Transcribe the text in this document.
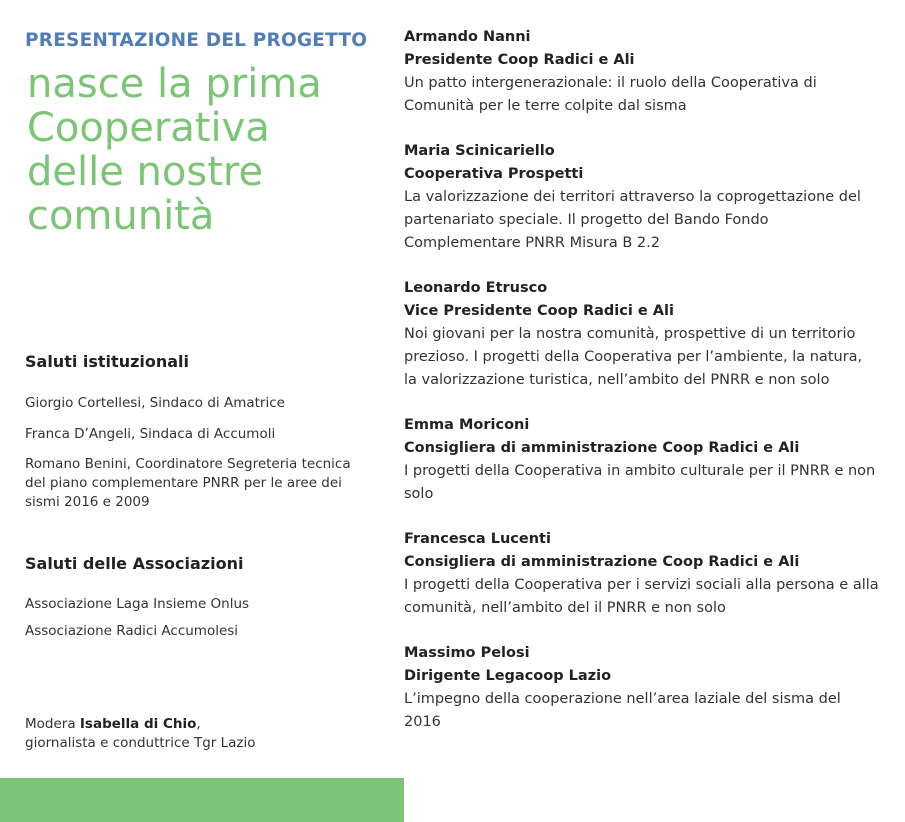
PRESENTAZIONE DEL PROGETTO
nasce la prima
Cooperativa
delle nostre
comunità
Saluti istituzionali
Giorgio Cortellesi, Sindaco di Amatrice
Franca D’Angeli, Sindaca di Accumoli
Romano Benini, Coordinatore Segreteria tecnica del piano complementare PNRR per le aree dei sismi 2016 e 2009
Saluti delle Associazioni
Associazione Laga Insieme Onlus
Associazione Radici Accumolesi
Modera Isabella di Chio,
giornalista e conduttrice Tgr Lazio
Armando Nanni
Presidente Coop Radici e Ali
Un patto intergenerazionale: il ruolo della Cooperativa di Comunità per le terre colpite dal sisma
Maria Scinicariello
Cooperativa Prospetti
La valorizzazione dei territori attraverso la coprogettazione del partenariato speciale. Il progetto del Bando Fondo Complementare PNRR Misura B 2.2
Leonardo Etrusco
Vice Presidente Coop Radici e Ali
Noi giovani per la nostra comunità, prospettive di un territorio prezioso. I progetti della Cooperativa per l’ambiente, la natura, la valorizzazione turistica, nell’ambito del PNRR e non solo
Emma Moriconi
Consigliera di amministrazione Coop Radici e Ali
I progetti della Cooperativa in ambito culturale per il PNRR e non solo
Francesca Lucenti
Consigliera di amministrazione Coop Radici e Ali
I progetti della Cooperativa per i servizi sociali alla persona e alla comunità, nell’ambito del il PNRR e non solo
Massimo Pelosi
Dirigente Legacoop Lazio
L’impegno della cooperazione nell’area laziale del sisma del 2016
